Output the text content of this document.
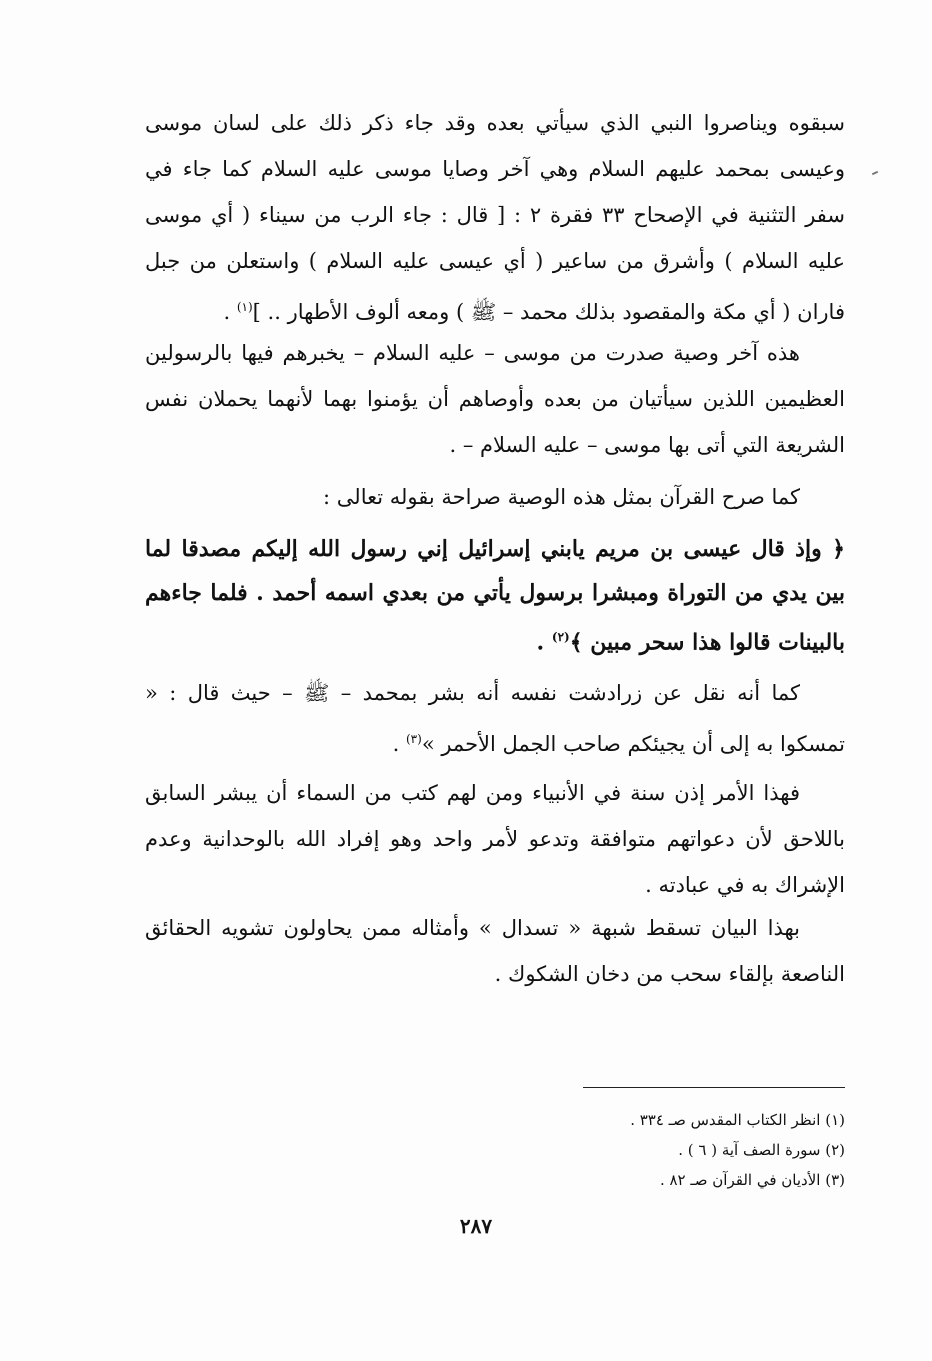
سبقوه ويناصروا النبي الذي سيأتي بعده وقد جاء ذكر ذلك على لسان موسى وعيسى بمحمد عليهم السلام وهي آخر وصايا موسى عليه السلام كما جاء في سفر التثنية في الإصحاح ٣٣ فقرة ٢ : [ قال : جاء الرب من سيناء ( أي موسى عليه السلام ) وأشرق من ساعير ( أي عيسى عليه السلام ) واستعلن من جبل فاران ( أي مكة والمقصود بذلك محمد – ﷺ ) ومعه ألوف الأطهار .. ]$^{(١)}$ .

هذه آخر وصية صدرت من موسى – عليه السلام – يخبرهم فيها بالرسولين العظيمين اللذين سيأتيان من بعده وأوصاهم أن يؤمنوا بهما لأنهما يحملان نفس الشريعة التي أتى بها موسى – عليه السلام – .

كما صرح القرآن بمثل هذه الوصية صراحة بقوله تعالى :

﴿ وإذ قال عيسى بن مريم يابني إسرائيل إني رسول الله إليكم مصدقا لما بين يدي من التوراة ومبشرا برسول يأتي من بعدي اسمه أحمد . فلما جاءهم بالبينات قالوا هذا سحر مبين ﴾$^{(٢)}$ .

كما أنه نقل عن زرادشت نفسه أنه بشر بمحمد – ﷺ – حيث قال : « تمسكوا به إلى أن يجيئكم صاحب الجمل الأحمر »$^{(٣)}$ .

فهذا الأمر إذن سنة في الأنبياء ومن لهم كتب من السماء أن يبشر السابق باللاحق لأن دعواتهم متوافقة وتدعو لأمر واحد وهو إفراد الله بالوحدانية وعدم الإشراك به في عبادته .

بهذا البيان تسقط شبهة « تسدال » وأمثاله ممن يحاولون تشويه الحقائق الناصعة بإلقاء سحب من دخان الشكوك .

(١) انظر الكتاب المقدس صـ ٣٣٤ .

(٢) سورة الصف آية ( ٦ ) .

(٣) الأديان في القرآن صـ ٨٢ .

٢٨٧
